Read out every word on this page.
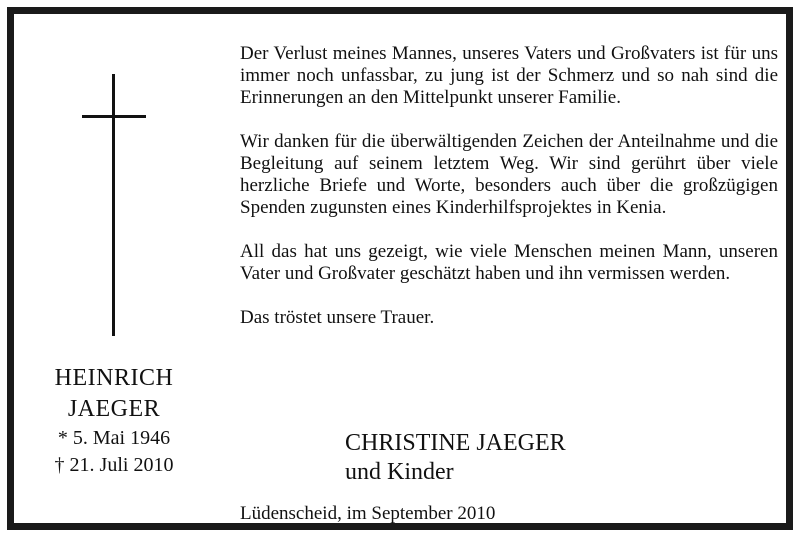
HEINRICH
JAEGER
* 5. Mai 1946
† 21. Juli 2010

Der Verlust meines Mannes, unseres Vaters und Großvaters ist für uns immer noch unfassbar, zu jung ist der Schmerz und so nah sind die Erinnerungen an den Mittelpunkt unserer Familie.

Wir danken für die überwältigenden Zeichen der Anteilnahme und die Begleitung auf seinem letztem Weg. Wir sind gerührt über viele herzliche Briefe und Worte, besonders auch über die großzügigen Spenden zugunsten eines Kinderhilfsprojektes in Kenia.

All das hat uns gezeigt, wie viele Menschen meinen Mann, unseren Vater und Großvater geschätzt haben und ihn vermissen werden.

Das tröstet unsere Trauer.

CHRISTINE JAEGER
und Kinder
Lüdenscheid, im September 2010
